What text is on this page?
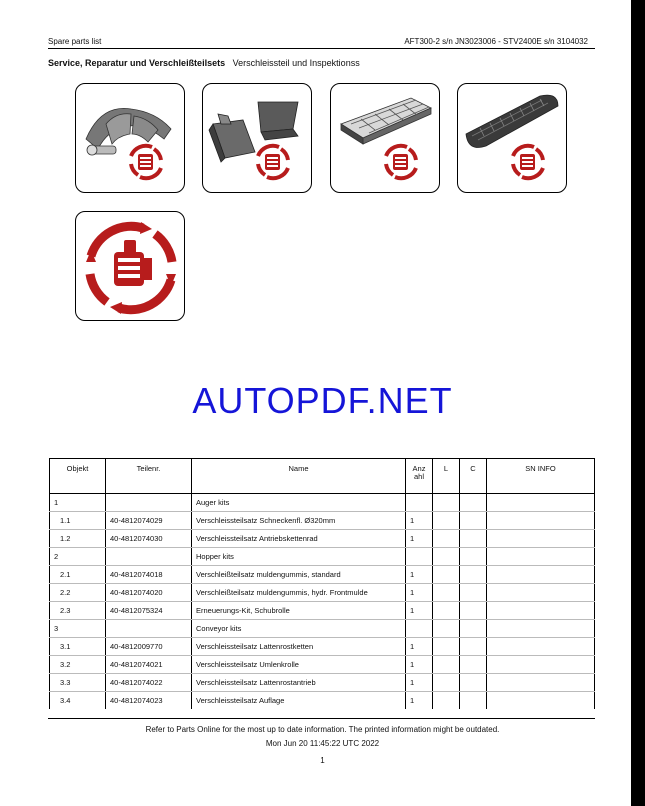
Spare parts list	AFT300-2 s/n JN3023006 - STV2400E s/n 3104032
Service, Reparatur und Verschleißteilsets Verschleissteil und Inspektionss
AUTOPDF.NET
Objekt	Teilenr.	Name	Anz ahl	L	C	SN INFO
1		Auger kits				
1.1	40-4812074029	Verschleissteilsatz Schneckenfl. Ø320mm	1			
1.2	40-4812074030	Verschleissteilsatz Antriebskettenrad	1			
2		Hopper kits				
2.1	40-4812074018	Verschleißteilsatz muldengummis, standard	1			
2.2	40-4812074020	Verschleißteilsatz muldengummis, hydr. Frontmulde	1			
2.3	40-4812075324	Erneuerungs-Kit, Schubrolle	1			
3		Conveyor kits				
3.1	40-4812009770	Verschleissteilsatz Lattenrostketten	1			
3.2	40-4812074021	Verschleissteilsatz Umlenkrolle	1			
3.3	40-4812074022	Verschleissteilsatz Lattenrostantrieb	1			
3.4	40-4812074023	Verschleissteilsatz Auflage	1			
Refer to Parts Online for the most up to date information. The printed information might be outdated.
Mon Jun 20 11:45:22 UTC 2022
1
